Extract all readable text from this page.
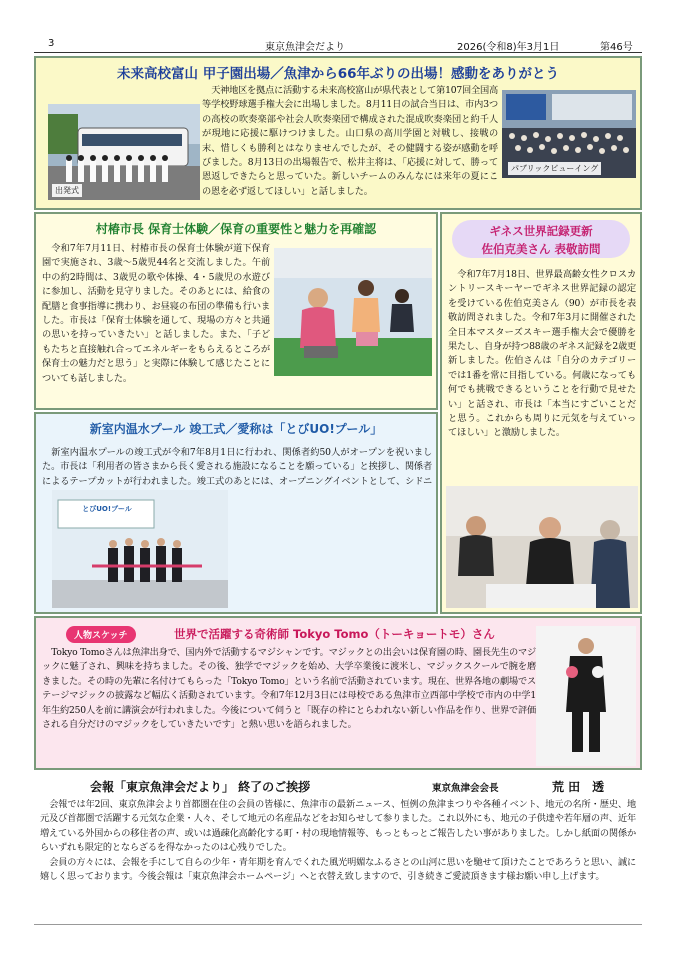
3	東京魚津会だより	2026(令和8)年3月1日	第46号
未来高校富山 甲子園出場／魚津から66年ぶりの出場！感動をありがとう
出発式

天神地区を拠点に活動する未来高校富山が県代表として第107回全国高等学校野球選手権大会に出場しました。8月11日の試合当日は、市内3つの高校の吹奏楽部や社会人吹奏楽団で構成された混成吹奏楽団と約千人が現地に応援に駆けつけました。山口県の高川学園と対戦し、接戦の末、惜しくも勝利とはなりませんでしたが、その健闘する姿が感動を呼びました。8月13日の出場報告で、松井主将は、「応援に対して、勝って恩返しできたらと思っていた。新しいチームのみんなには来年の夏にこの恩を必ず返してほしい」と話しました。

パブリックビューイング
村椿市長 保育士体験／保育の重要性と魅力を再確認

令和7年7月11日、村椿市長の保育士体験が道下保育園で実施され、3歳～5歳児44名と交流しました。午前中の約2時間は、3歳児の歌や体操、4・5歳児の水遊びに参加し、活動を見守りました。そのあとには、給食の配膳と食事指導に携わり、お昼寝の布団の準備も行いました。市長は「保育士体験を通して、現場の方々と共通の思いを持っていきたい」と話しました。また、「子どもたちと直接触れ合ってエネルギーをもらえるところが保育士の魅力だと思う」と実際に体験して感じたことについても話しました。

ギネス世界記録更新
佐伯克美さん 表敬訪問

令和7年7月18日、世界最高齢女性クロスカントリースキーヤーでギネス世界記録の認定を受けている佐伯克美さん（90）が市長を表敬訪問されました。令和7年3月に開催された全日本マスターズスキー選手権大会で優勝を果たし、自身が持つ88歳のギネス記録を2歳更新しました。佐伯さんは「自分のカテゴリーでは1番を常に目指している。何歳になっても何でも挑戦できるということを行動で見せたい」と話され、市長は「本当にすごいことだと思う。これからも周りに元気を与えていってほしい」と激励しました。

新室内温水プール 竣工式／愛称は「とびUO!プール」

新室内温水プールの竣工式が令和7年8月1日に行われ、関係者約50人がオープンを祝いました。市長は「利用者の皆さまから長く愛される施設になることを願っている」と挨拶し、関係者によるテープカットが行われました。竣工式のあとには、オープニングイベントとして、シドニ

とびUO!プール
人物スケッチ	世界で活躍する奇術師 Tokyo Tomo（トーキョートモ）さん

Tokyo Tomoさんは魚津出身で、国内外で活動するマジシャンです。マジックとの出会いは保育園の時、園長先生のマジックに魅了され、興味を持ちました。その後、独学でマジックを始め、大学卒業後に渡米し、マジックスクールで腕を磨きました。その時の先輩に名付けてもらった「Tokyo Tomo」という名前で活動されています。現在、世界各地の劇場でステージマジックの披露など幅広く活動されています。令和7年12月3日には母校である魚津市立西部中学校で市内の中学1年生約250人を前に講演会が行われました。今後について伺うと「既存の枠にとらわれない新しい作品を作り、世界で評価される自分だけのマジックをしていきたいです」と熱い思いを語られました。

会報「東京魚津会だより」 終了のご挨拶	東京魚津会会長	荒 田　透

会報では年2回、東京魚津会より首都圏在住の会員の皆様に、魚津市の最新ニュース、恒例の魚津まつりや各種イベント、地元の名所・歴史、地元及び首都圏で活躍する元気な企業・人々、そして地元の名産品などをお知らせして参りました。これ以外にも、地元の子供達や若年層の声、近年増えている外国からの移住者の声、或いは過疎化高齢化する町・村の現地情報等、もっともっとご報告したい事がありました。しかし紙面の関係からいずれも限定的とならざるを得なかったのは心残りでした。

会員の方々には、会報を手にして自らの少年・青年期を育んでくれた風光明媚なふるさとの山河に思いを馳せて頂けたことであろうと思い、誠に嬉しく思っております。今後会報は「東京魚津会ホームページ」へと衣替え致しますので、引き続きご愛読頂きます様お願い申し上げます。
